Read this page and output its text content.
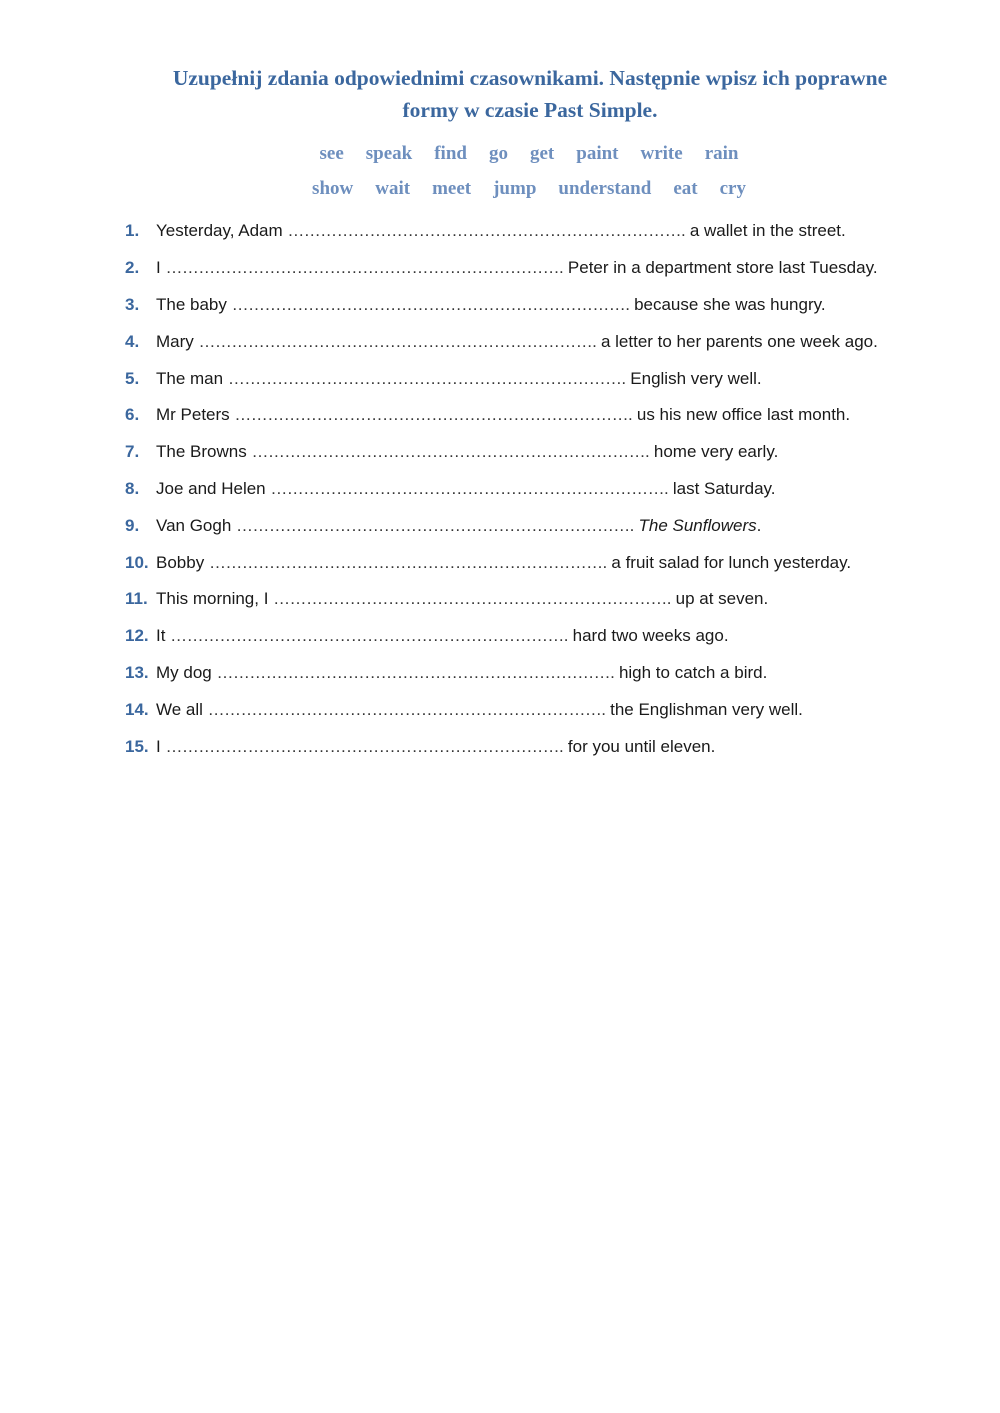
Uzupełnij zdania odpowiednimi czasownikami. Następnie wpisz ich poprawne
formy w czasie Past Simple.
see speak find go get paint write rain
show wait meet jump understand eat cry
1. Yesterday, Adam ………………………………………………………………. a wallet in the street.
2. I ………………………………………………………………. Peter in a department store last Tuesday.
3. The baby ………………………………………………………………. because she was hungry.
4. Mary ………………………………………………………………. a letter to her parents one week ago.
5. The man ………………………………………………………………. English very well.
6. Mr Peters ………………………………………………………………. us his new office last month.
7. The Browns ………………………………………………………………. home very early.
8. Joe and Helen ………………………………………………………………. last Saturday.
9. Van Gogh ……………………………………………………………….
The Sunflowers .
10. Bobby ………………………………………………………………. a fruit salad for lunch yesterday.
11. This morning, I ………………………………………………………………. up at seven.
12. It ………………………………………………………………. hard two weeks ago.
13. My dog ………………………………………………………………. high to catch a bird.
14. We all ………………………………………………………………. the Englishman very well.
15. I ………………………………………………………………. for you until eleven.
